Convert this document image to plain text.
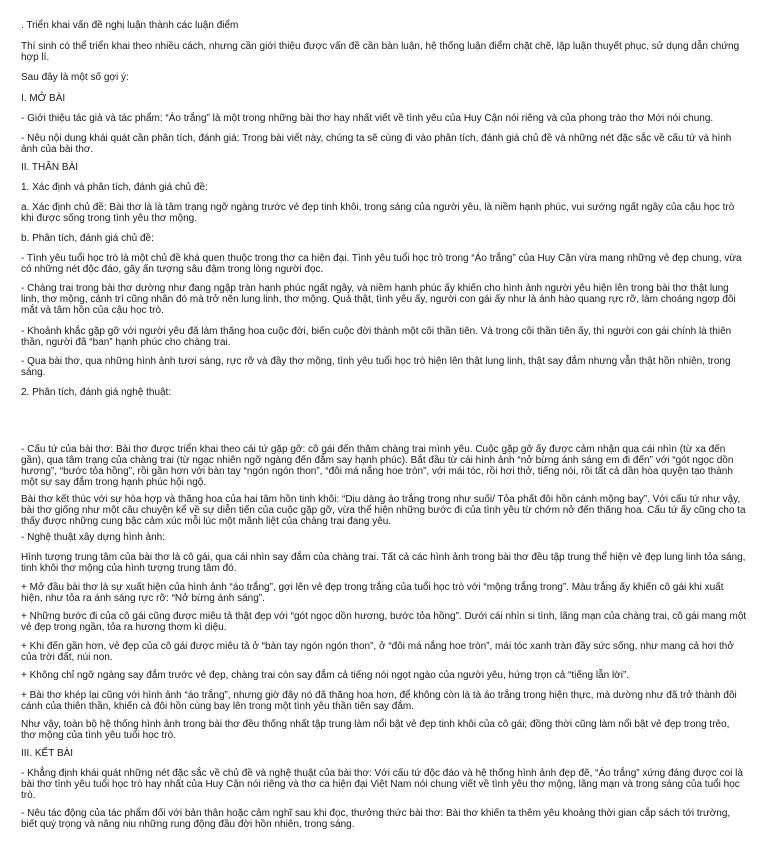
. Triển khai vấn đề nghị luận thành các luận điểm

Thí sinh có thể triển khai theo nhiều cách, nhưng cần giới thiệu được vấn đề cần bàn luận, hệ thống luận điểm chặt chẽ, lập luận thuyết phục, sử dụng dẫn chứng hợp lí.

Sau đây là một số gợi ý:

I. MỞ BÀI

- Giới thiệu tác giả và tác phẩm: “Áo trắng” là một trong những bài thơ hay nhất viết về tình yêu của Huy Cận nói riêng và của phong trào thơ Mới nói chung.

- Nêu nội dung khái quát cần phân tích, đánh giá: Trong bài viết này, chúng ta sẽ cùng đi vào phân tích, đánh giá chủ đề và những nét đặc sắc về cấu tứ và hình ảnh của bài thơ.

II. THÂN BÀI

1. Xác định và phân tích, đánh giá chủ đề:

a. Xác định chủ đề: Bài thơ là là tâm trạng ngỡ ngàng trước vẻ đẹp tinh khôi, trong sáng của người yêu, là niềm hạnh phúc, vui sướng ngất ngây của cậu học trò khi được sống trong tình yêu thơ mộng.

b. Phân tích, đánh giá chủ đề:

- Tình yêu tuổi học trò là một chủ đề khá quen thuộc trong thơ ca hiện đại. Tình yêu tuổi học trò trong “Áo trắng” của Huy Cận vừa mang những vẻ đẹp chung, vừa có những nét độc đáo, gây ấn tượng sâu đậm trong lòng người đọc.

- Chàng trai trong bài thơ dường như đang ngập tràn hạnh phúc ngất ngây, và niềm hạnh phúc ấy khiến cho hình ảnh người yêu hiện lên trong bài thơ thật lung linh, thơ mộng, cảnh trí cũng nhân đó mà trở nên lung linh, thơ mộng. Quả thật, tình yêu ấy, người con gái ấy như là ánh hào quang rực rỡ, làm choáng ngợp đôi mắt và tâm hồn của cậu học trò.

- Khoảnh khắc gặp gỡ với người yêu đã làm thăng hoa cuộc đời, biến cuộc đời thành một cõi thần tiên. Và trong cõi thần tiên ấy, thì người con gái chính là thiên thần, người đã “ban” hạnh phúc cho chàng trai.

- Qua bài thơ, qua những hình ảnh tươi sáng, rực rỡ và đầy thơ mộng, tình yêu tuổi học trò hiện lên thật lung linh, thật say đắm nhưng vẫn thật hồn nhiên, trong sáng.

2. Phân tích, đánh giá nghệ thuật:

- Cấu tứ của bài thơ: Bài thơ được triển khai theo cái tứ gặp gỡ: cô gái đến thăm chàng trai mình yêu. Cuộc gặp gỡ ấy được cảm nhận qua cái nhìn (từ xa đến gần), qua tâm trạng của chàng trai (từ ngạc nhiên ngỡ ngàng đến đắm say hạnh phúc). Bắt đầu từ cái hình ảnh “nở bừng ánh sáng em đi đến” với “gót ngọc dồn hương”, “bước tỏa hồng”, rồi gần hơn với bàn tay “ngón ngón thon”, “đôi má nắng hoe tròn”, với mái tóc, rồi hơi thở, tiếng nói, rồi tất cả dần hòa quyện tạo thành một sự say đắm trong hạnh phúc hội ngộ.

Bài thơ kết thúc với sự hòa hợp và thăng hoa của hai tâm hồn tinh khôi: “Dịu dàng áo trắng trong như suối/ Tỏa phất đôi hồn cánh mộng bay”. Với cấu tứ như vậy, bài thơ giống như một câu chuyện kể về sự diễn tiến của cuộc gặp gỡ, vừa thể hiện những bước đi của tình yêu từ chớm nở đến thăng hoa. Cấu tứ ấy cũng cho ta thấy được những cung bậc cảm xúc mỗi lúc một mãnh liệt của chàng trai đang yêu.

- Nghệ thuật xây dựng hình ảnh:

Hình tượng trung tâm của bài thơ là cô gái, qua cái nhìn say đắm của chàng trai. Tất cả các hình ảnh trong bài thơ đều tập trung thể hiện vẻ đẹp lung linh tỏa sáng, tinh khôi thơ mộng của hình tượng trung tâm đó.

+ Mở đầu bài thơ là sự xuất hiện của hình ảnh “áo trắng”, gợi lên vẻ đẹp trong trắng của tuổi học trò với “mộng trắng trong”. Màu trắng ấy khiến cô gái khi xuất hiện, như tỏa ra ánh sáng rực rỡ: “Nở bừng ánh sáng”.

+ Những bước đi của cô gái cũng được miêu tả thật đẹp với “gót ngọc dồn hương, bước tỏa hồng”. Dưới cái nhìn si tình, lãng mạn của chàng trai, cô gái mang một vẻ đẹp trong ngần, tỏa ra hương thơm kì diệu.

+ Khi đến gần hơn, vẻ đẹp của cô gái được miêu tả ở “bàn tay ngón ngón thon”, ở “đôi má nắng hoe tròn”, mái tóc xanh tràn đầy sức sống, như mang cả hơi thở của trời đất, núi non.

+ Không chỉ ngỡ ngàng say đắm trước vẻ đẹp, chàng trai còn say đắm cả tiếng nói ngọt ngào của người yêu, hứng trọn cả “tiếng lẫn lời”.

+ Bài thơ khép lại cũng với hình ảnh “áo trắng”, nhưng giờ đây nó đã thăng hoa hơn, để không còn là tà áo trắng trong hiện thực, mà dường như đã trở thành đôi cánh của thiên thần, khiến cả đôi hồn cùng bay lên trong một tình yêu thần tiên say đắm.

Như vậy, toàn bộ hệ thống hình ảnh trong bài thơ đều thống nhất tập trung làm nổi bật vẻ đẹp tinh khôi của cô gái; đồng thời cũng làm nổi bật vẻ đẹp trong trẻo, thơ mộng của tình yêu tuổi học trò.

III. KẾT BÀI

- Khẳng định khái quát những nét đặc sắc về chủ đề và nghệ thuật của bài thơ: Với cấu tứ độc đáo và hệ thống hình ảnh đẹp đẽ, “Áo trắng” xứng đáng được coi là bài thơ tình yêu tuổi học trò hay nhất của Huy Cận nói riêng và thơ ca hiện đại Việt Nam nói chung viết về tình yêu thơ mộng, lãng mạn và trong sáng của tuổi học trò.

- Nêu tác động của tác phẩm đối với bản thân hoặc cảm nghĩ sau khi đọc, thưởng thức bài thơ: Bài thơ khiến ta thêm yêu khoảng thời gian cắp sách tới trường, biết quý trọng và nâng niu những rung động đầu đời hồn nhiên, trong sáng.
